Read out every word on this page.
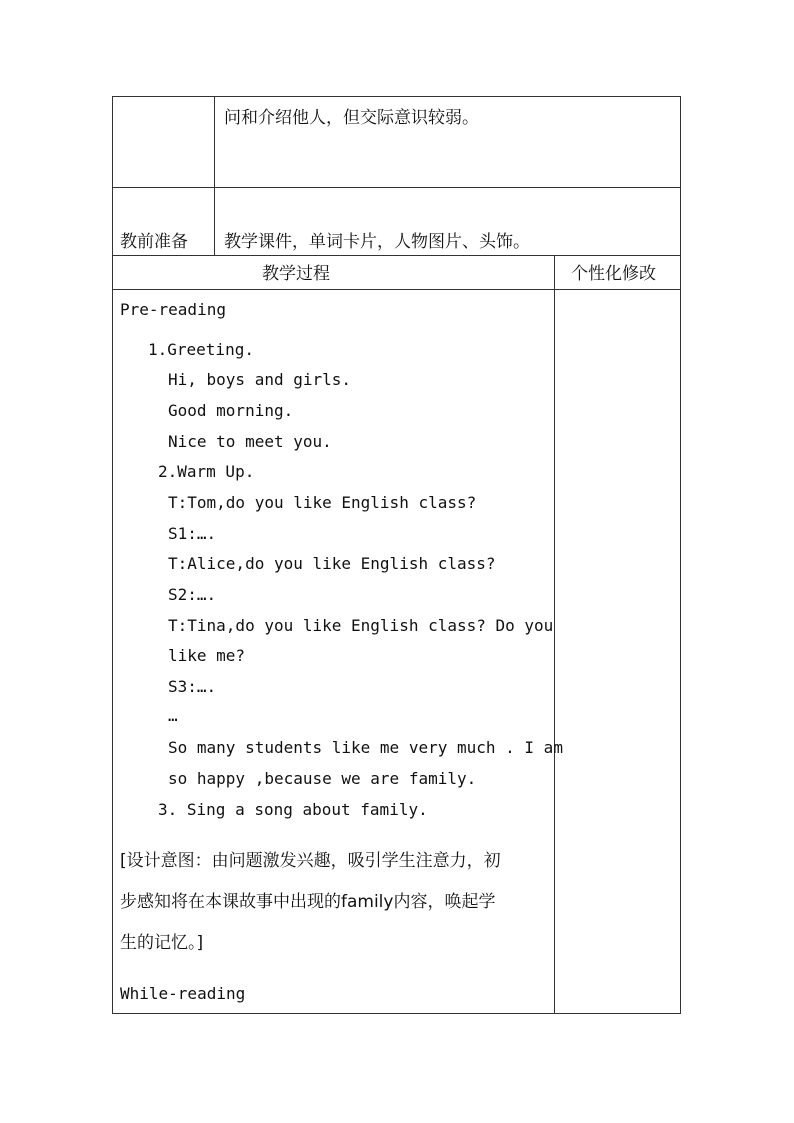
问和介绍他人，但交际意识较弱。
教前准备 教学课件，单词卡片，人物图片、头饰。
教学过程	个性化修改
Pre-reading
1.Greeting.
Hi, boys and girls.
Good morning.
Nice to meet you.
2.Warm Up.
T:Tom,do you like English class?
S1:….
T:Alice,do you like English class?
S2:….
T:Tina,do you like English class? Do you
like me?
S3:….
…
So many students like me very much . I am
so happy ,because we are family.
3. Sing a song about family.
[设计意图：由问题激发兴趣，吸引学生注意力，初
步感知将在本课故事中出现的family内容，唤起学
生的记忆。]
While-reading
